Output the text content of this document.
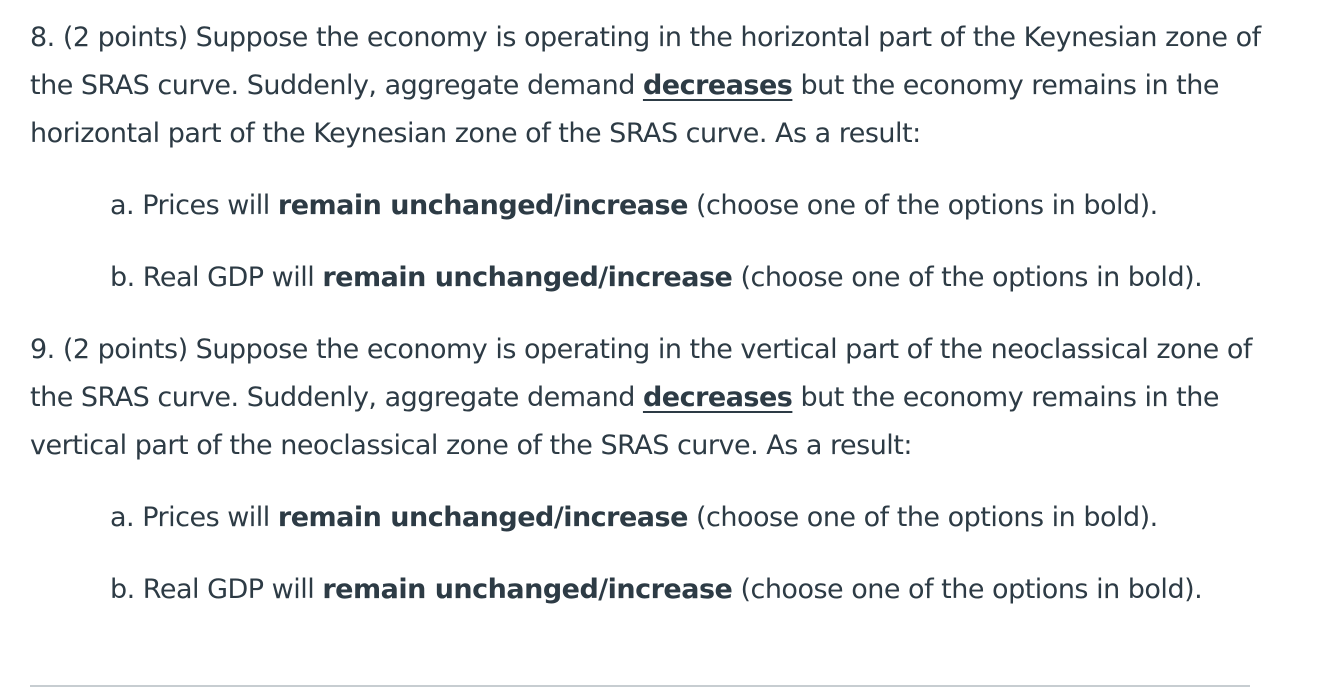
8. (2 points) Suppose the economy is operating in the horizontal part of the Keynesian zone of the SRAS curve. Suddenly, aggregate demand decreases but the economy remains in the horizontal part of the Keynesian zone of the SRAS curve. As a result:

a. Prices will remain unchanged/increase (choose one of the options in bold).

b. Real GDP will remain unchanged/increase (choose one of the options in bold).

9. (2 points) Suppose the economy is operating in the vertical part of the neoclassical zone of the SRAS curve. Suddenly, aggregate demand decreases but the economy remains in the vertical part of the neoclassical zone of the SRAS curve. As a result:

a. Prices will remain unchanged/increase (choose one of the options in bold).

b. Real GDP will remain unchanged/increase (choose one of the options in bold).
